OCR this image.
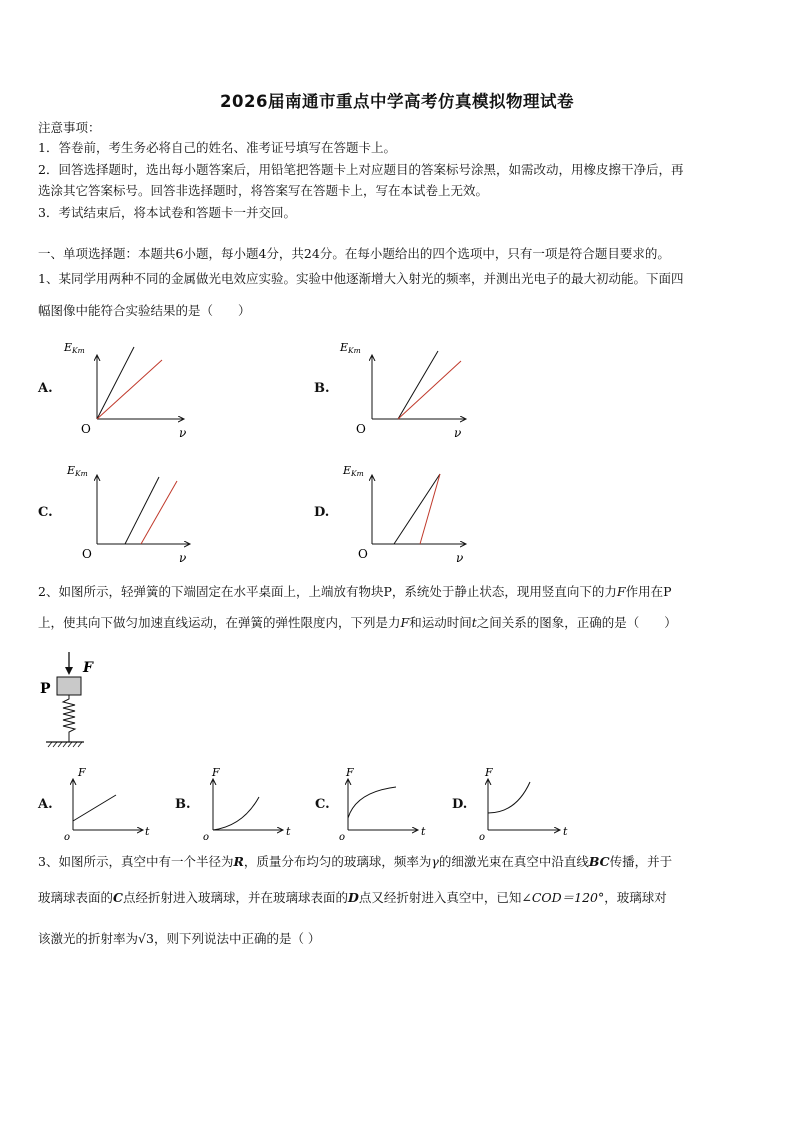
2026届南通市重点中学高考仿真模拟物理试卷
注意事项：
1．答卷前，考生务必将自己的姓名、准考证号填写在答题卡上。
2．回答选择题时，选出每小题答案后，用铅笔把答题卡上对应题目的答案标号涂黑，如需改动，用橡皮擦干净后，再
选涂其它答案标号。回答非选择题时，将答案写在答题卡上，写在本试卷上无效。
3．考试结束后，将本试卷和答题卡一并交回。
一、单项选择题：本题共6小题，每小题4分，共24分。在每小题给出的四个选项中，只有一项是符合题目要求的。
1、某同学用两种不同的金属做光电效应实验。实验中他逐渐增大入射光的频率，并测出光电子的最大初动能。下面四
幅图像中能符合实验结果的是（　　）
2、如图所示，轻弹簧的下端固定在水平桌面上，上端放有物块P，系统处于静止状态，现用竖直向下的力F作用在P
上，使其向下做匀加速直线运动，在弹簧的弹性限度内，下列是力F和运动时间t之间关系的图象，正确的是（　　）
3、如图所示，真空中有一个半径为R，质量分布均匀的玻璃球，频率为γ的细激光束在真空中沿直线BC传播，并于
玻璃球表面的C点经折射进入玻璃球，并在玻璃球表面的D点又经折射进入真空中，已知∠COD＝120°，玻璃球对
该激光的折射率为√3，则下列说法中正确的是（ ）
A.	B.
C.	D.
A.	B.	C.	D.
EKm
O	ν
EKm
O	ν
EKm
O	ν
EKm
O	ν
P
F
F
o	t
F
o	t
F
o	t
F
o	t
